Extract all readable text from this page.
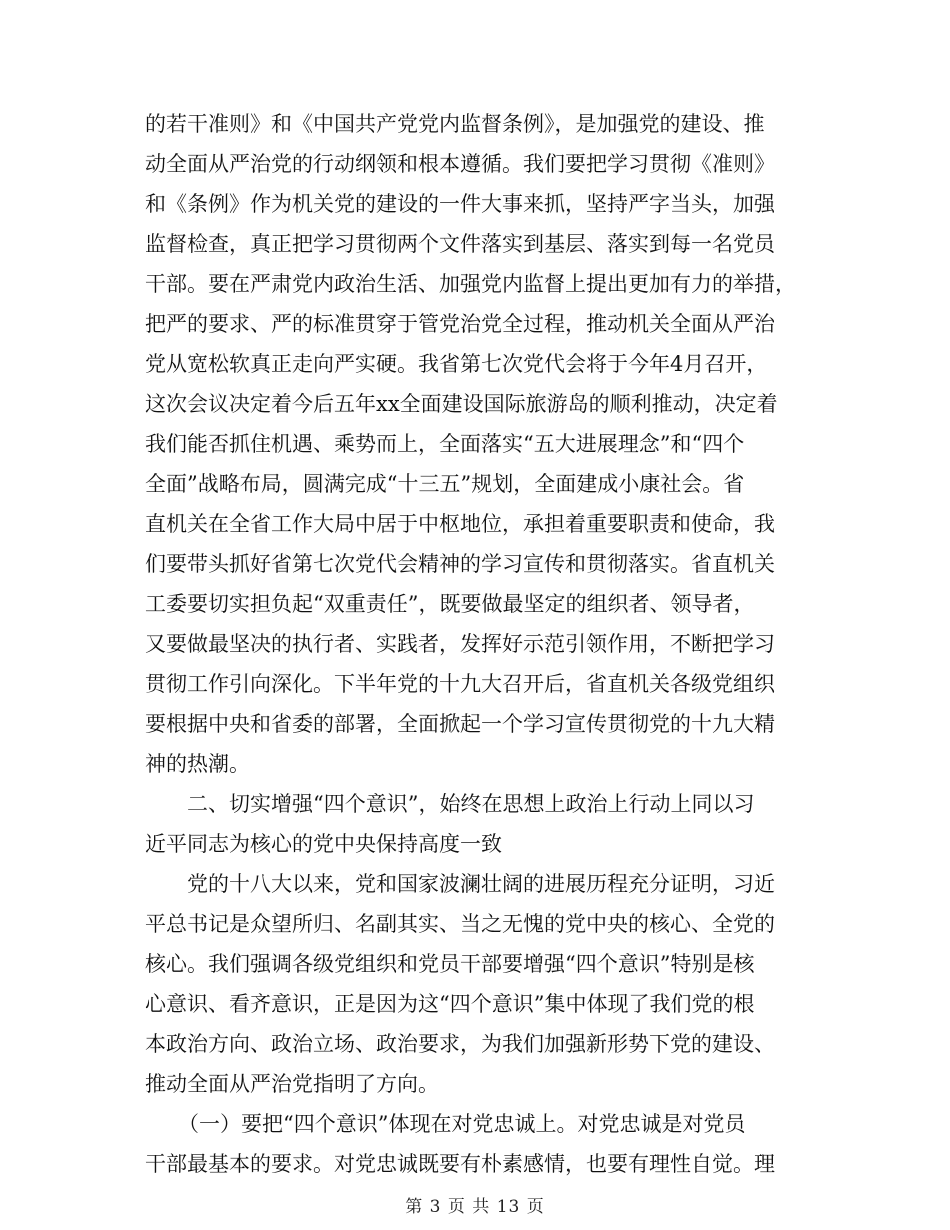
的若干准则》和《中国共产党党内监督条例》，是加强党的建设、推
动全面从严治党的行动纲领和根本遵循。我们要把学习贯彻《准则》
和《条例》作为机关党的建设的一件大事来抓，坚持严字当头，加强
监督检查，真正把学习贯彻两个文件落实到基层、落实到每一名党员
干部。要在严肃党内政治生活、加强党内监督上提出更加有力的举措，
把严的要求、严的标准贯穿于管党治党全过程，推动机关全面从严治
党从宽松软真正走向严实硬。我省第七次党代会将于今年4月召开，
这次会议决定着今后五年xx全面建设国际旅游岛的顺利推动，决定着
我们能否抓住机遇、乘势而上，全面落实“五大进展理念”和“四个
全面”战略布局，圆满完成“十三五”规划，全面建成小康社会。省
直机关在全省工作大局中居于中枢地位，承担着重要职责和使命，我
们要带头抓好省第七次党代会精神的学习宣传和贯彻落实。省直机关
工委要切实担负起“双重责任”，既要做最坚定的组织者、领导者，
又要做最坚决的执行者、实践者，发挥好示范引领作用，不断把学习
贯彻工作引向深化。下半年党的十九大召开后，省直机关各级党组织
要根据中央和省委的部署，全面掀起一个学习宣传贯彻党的十九大精
神的热潮。
二、切实增强“四个意识”，始终在思想上政治上行动上同以习
近平同志为核心的党中央保持高度一致
党的十八大以来，党和国家波澜壮阔的进展历程充分证明，习近
平总书记是众望所归、名副其实、当之无愧的党中央的核心、全党的
核心。我们强调各级党组织和党员干部要增强“四个意识”特别是核
心意识、看齐意识，正是因为这“四个意识”集中体现了我们党的根
本政治方向、政治立场、政治要求，为我们加强新形势下党的建设、
推动全面从严治党指明了方向。
（一）要把“四个意识”体现在对党忠诚上。对党忠诚是对党员
第 3 页 共 13 页
干部最基本的要求。对党忠诚既要有朴素感情，也要有理性自觉。理
